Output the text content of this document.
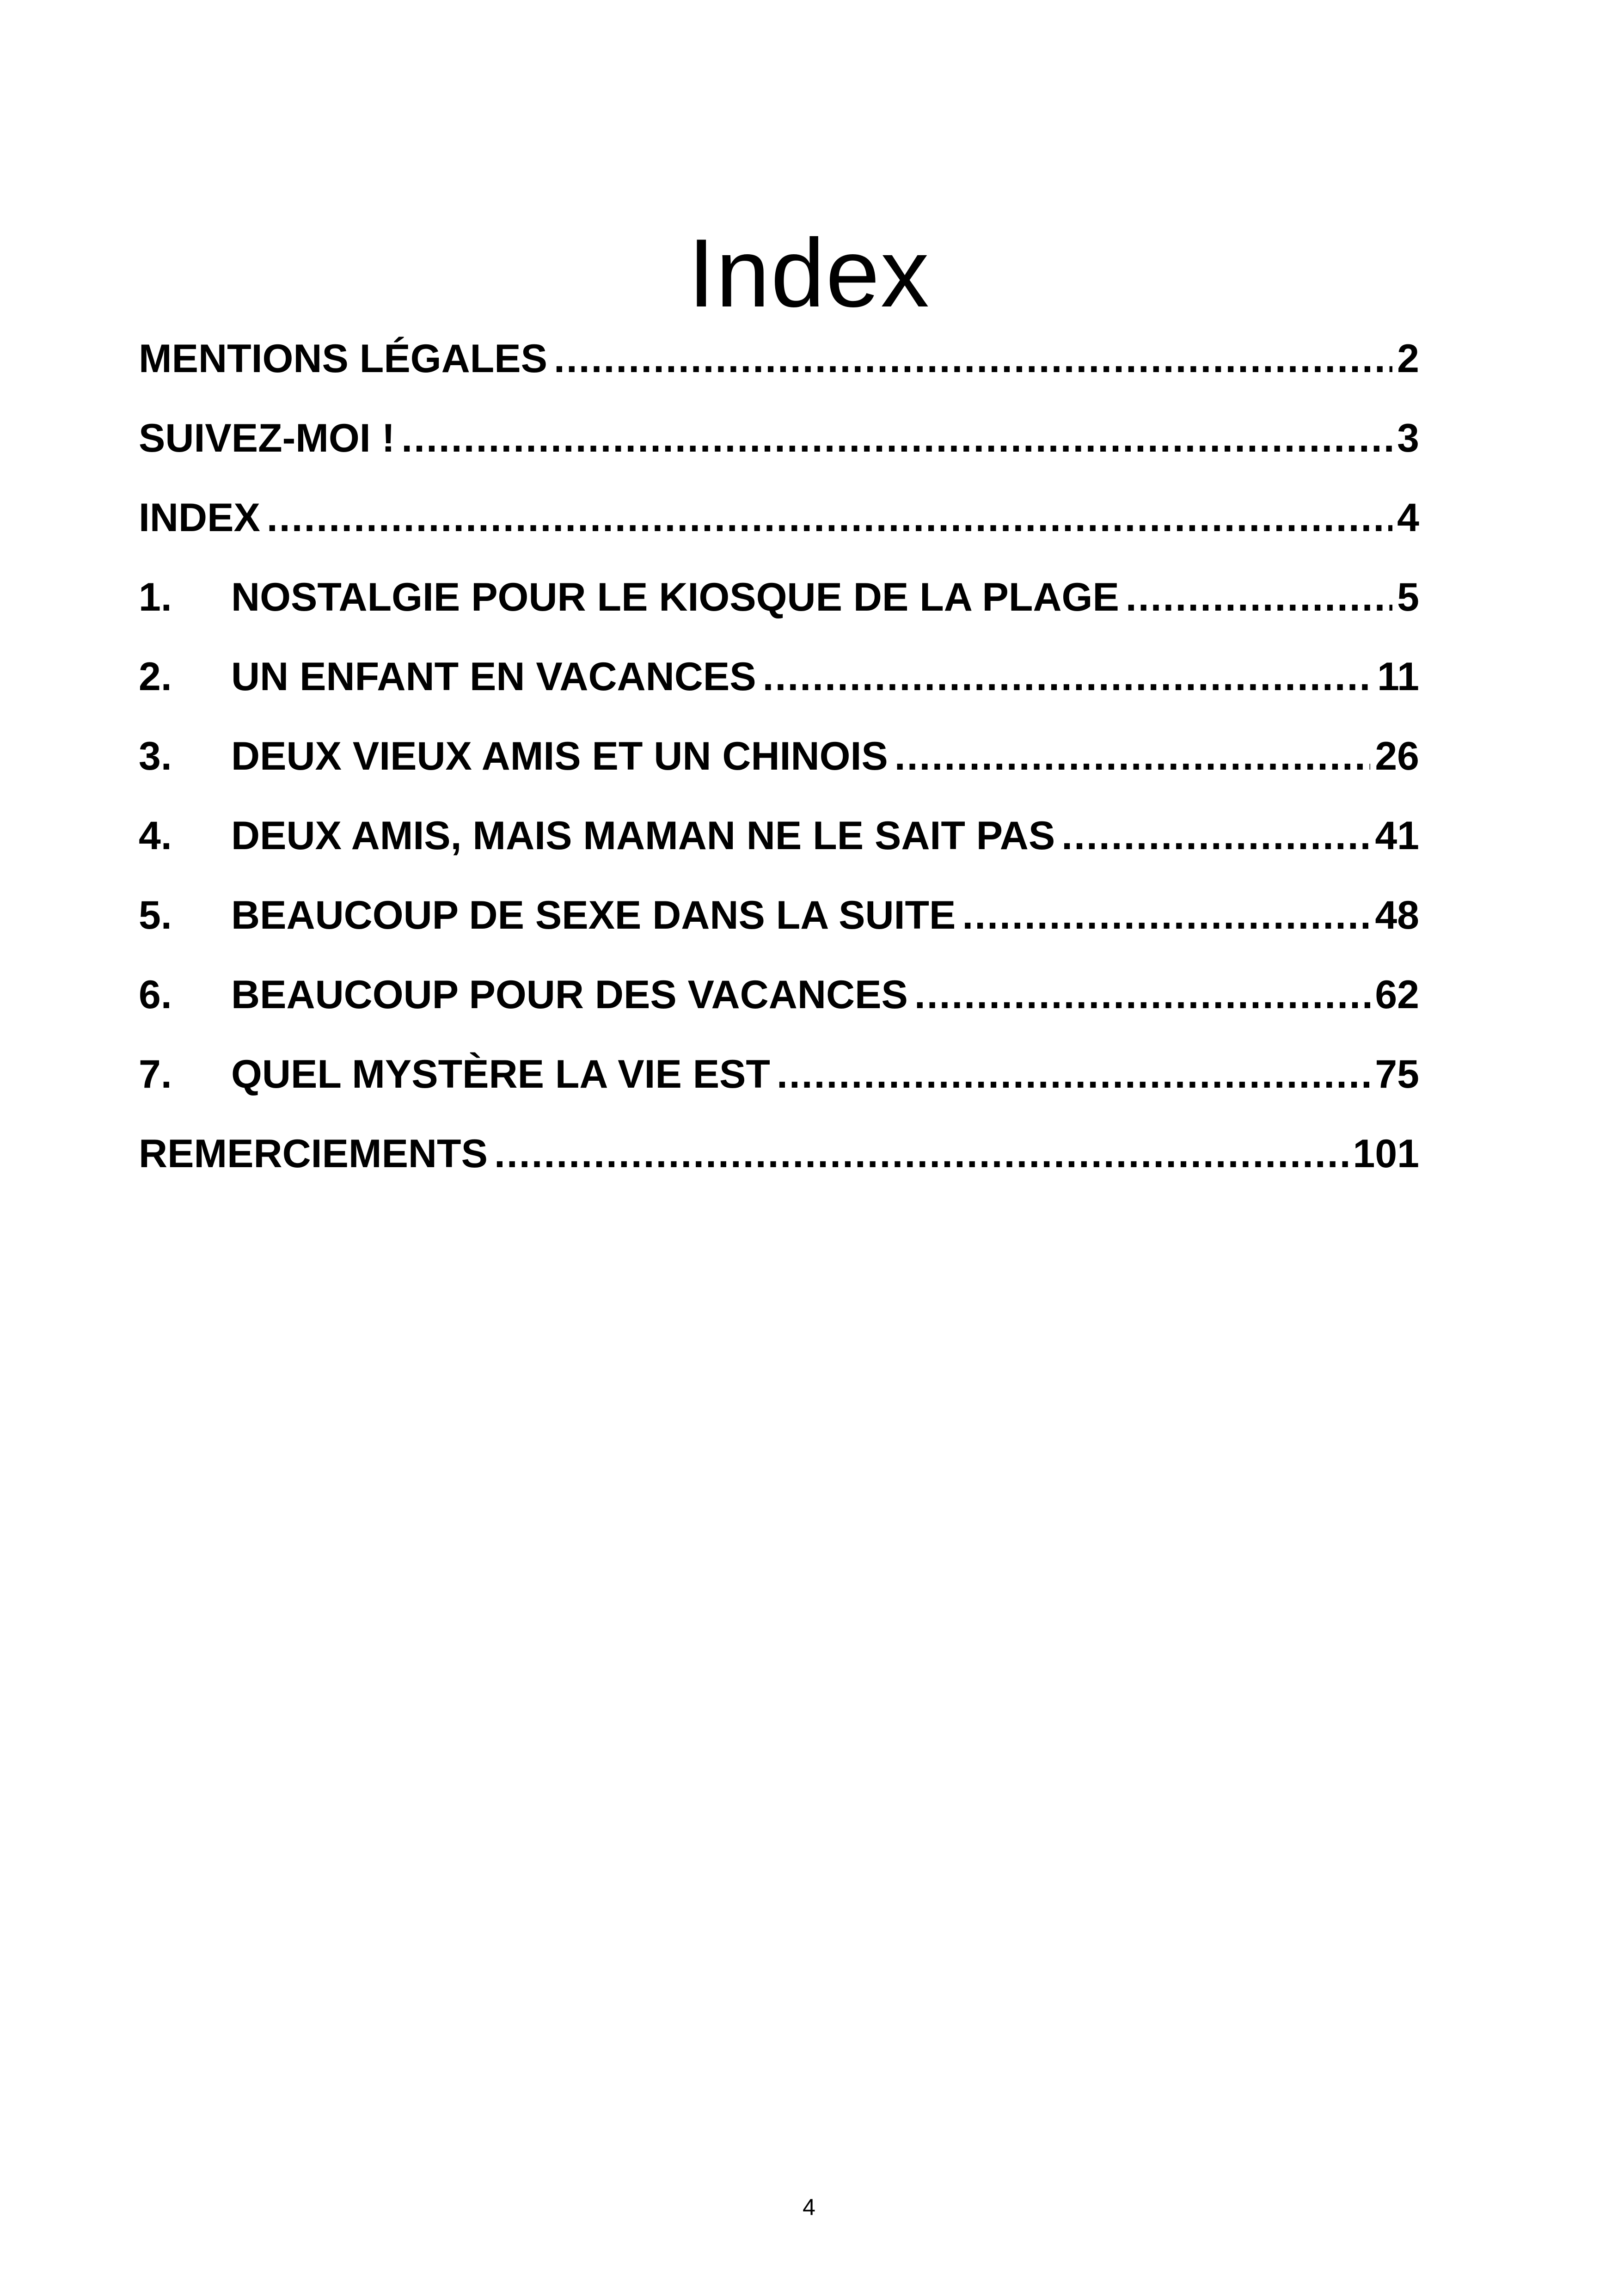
Index
MENTIONS LÉGALES .....	2
SUIVEZ-MOI ! .....	3
INDEX .....	4
1.	NOSTALGIE POUR LE KIOSQUE DE LA PLAGE .....	5
2.	UN ENFANT EN VACANCES .....	11
3.	DEUX VIEUX AMIS ET UN CHINOIS .....	26
4.	DEUX AMIS, MAIS MAMAN NE LE SAIT PAS .....	41
5.	BEAUCOUP DE SEXE DANS LA SUITE .....	48
6.	BEAUCOUP POUR DES VACANCES .....	62
7.	QUEL MYSTÈRE LA VIE EST .....	75
REMERCIEMENTS .....	101
4
